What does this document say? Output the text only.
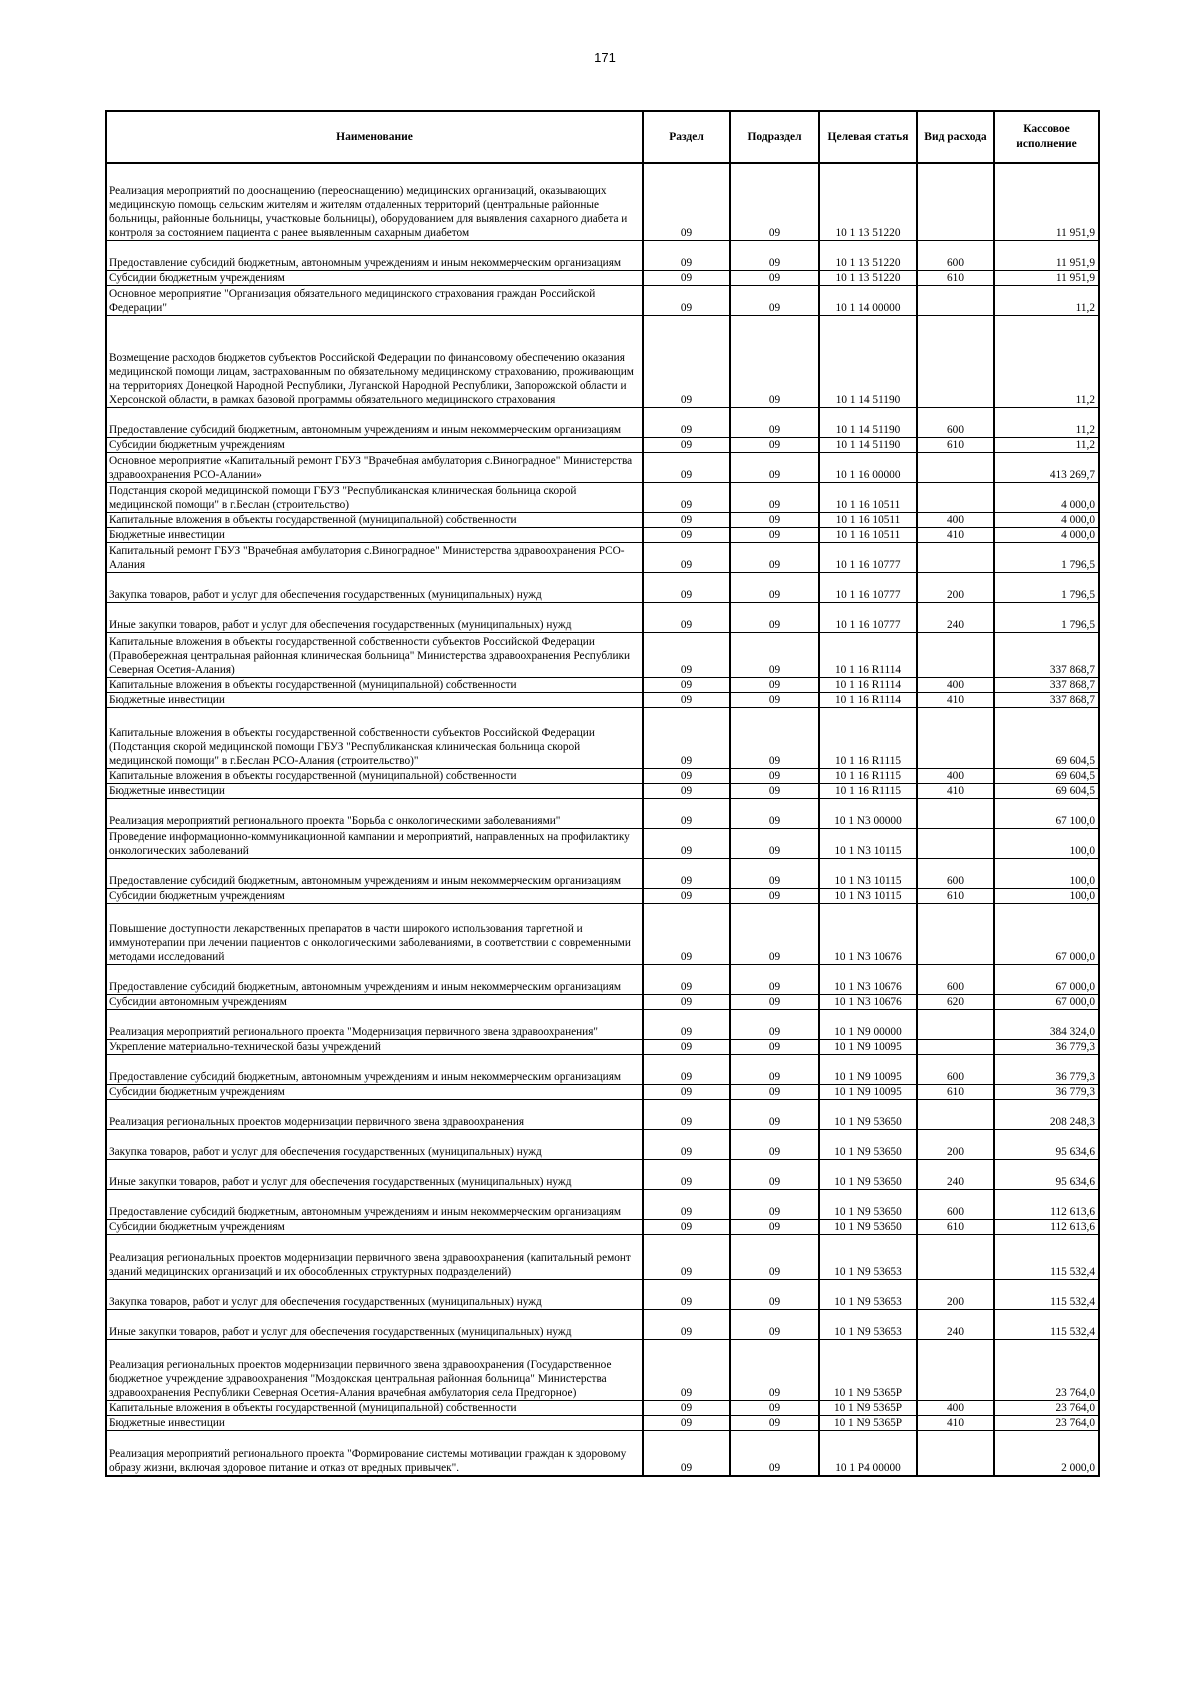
171
Наименование	Раздел	Подраздел	Целевая статья	Вид расхода	Кассовое исполнение
Реализация мероприятий по дооснащению (переоснащению) медицинских организаций, оказывающих медицинскую помощь сельским жителям и жителям отдаленных территорий (центральные районные больницы, районные больницы, участковые больницы), оборудованием для выявления сахарного диабета и контроля за состоянием пациента с ранее выявленным сахарным диабетом	09	09	10 1 13 51220		11 951,9
Предоставление субсидий бюджетным, автономным учреждениям и иным некоммерческим организациям	09	09	10 1 13 51220	600	11 951,9
Субсидии бюджетным учреждениям	09	09	10 1 13 51220	610	11 951,9
Основное мероприятие "Организация обязательного медицинского страхования граждан Российской Федерации"	09	09	10 1 14 00000		11,2
Возмещение расходов бюджетов субъектов Российской Федерации по финансовому обеспечению оказания медицинской помощи лицам, застрахованным по обязательному медицинскому страхованию, проживающим на территориях Донецкой Народной Республики, Луганской Народной Республики, Запорожской области и Херсонской области, в рамках базовой программы обязательного медицинского страхования	09	09	10 1 14 51190		11,2
Предоставление субсидий бюджетным, автономным учреждениям и иным некоммерческим организациям	09	09	10 1 14 51190	600	11,2
Субсидии бюджетным учреждениям	09	09	10 1 14 51190	610	11,2
Основное мероприятие «Капитальный ремонт ГБУЗ "Врачебная амбулатория с.Виноградное" Министерства здравоохранения РСО-Алании»	09	09	10 1 16 00000		413 269,7
Подстанция скорой медицинской помощи ГБУЗ "Республиканская клиническая больница скорой медицинской помощи" в г.Беслан (строительство)	09	09	10 1 16 10511		4 000,0
Капитальные вложения в объекты государственной (муниципальной) собственности	09	09	10 1 16 10511	400	4 000,0
Бюджетные инвестиции	09	09	10 1 16 10511	410	4 000,0
Капитальный ремонт ГБУЗ "Врачебная амбулатория с.Виноградное" Министерства здравоохранения РСО-Алания	09	09	10 1 16 10777		1 796,5
Закупка товаров, работ и услуг для обеспечения государственных (муниципальных) нужд	09	09	10 1 16 10777	200	1 796,5
Иные закупки товаров, работ и услуг для обеспечения государственных (муниципальных) нужд	09	09	10 1 16 10777	240	1 796,5
Капитальные вложения в объекты государственной собственности субъектов Российской Федерации (Правобережная центральная районная клиническая больница" Министерства здравоохранения Республики Северная Осетия-Алания)	09	09	10 1 16 R1114		337 868,7
Капитальные вложения в объекты государственной (муниципальной) собственности	09	09	10 1 16 R1114	400	337 868,7
Бюджетные инвестиции	09	09	10 1 16 R1114	410	337 868,7
Капитальные вложения в объекты государственной собственности субъектов Российской Федерации (Подстанция скорой медицинской помощи ГБУЗ "Республиканская клиническая больница скорой медицинской помощи" в г.Беслан РСО-Алания (строительство)"	09	09	10 1 16 R1115		69 604,5
Капитальные вложения в объекты государственной (муниципальной) собственности	09	09	10 1 16 R1115	400	69 604,5
Бюджетные инвестиции	09	09	10 1 16 R1115	410	69 604,5
Реализация мероприятий регионального проекта "Борьба с онкологическими заболеваниями"	09	09	10 1 N3 00000		67 100,0
Проведение информационно-коммуникационной кампании и мероприятий, направленных на профилактику онкологических заболеваний	09	09	10 1 N3 10115		100,0
Предоставление субсидий бюджетным, автономным учреждениям и иным некоммерческим организациям	09	09	10 1 N3 10115	600	100,0
Субсидии бюджетным учреждениям	09	09	10 1 N3 10115	610	100,0
Повышение доступности лекарственных препаратов в части широкого использования таргетной и иммунотерапии при лечении пациентов с онкологическими заболеваниями, в соответствии с современными методами исследований	09	09	10 1 N3 10676		67 000,0
Предоставление субсидий бюджетным, автономным учреждениям и иным некоммерческим организациям	09	09	10 1 N3 10676	600	67 000,0
Субсидии автономным учреждениям	09	09	10 1 N3 10676	620	67 000,0
Реализация мероприятий регионального проекта "Модернизация первичного звена здравоохранения"	09	09	10 1 N9 00000		384 324,0
Укрепление материально-технической базы учреждений	09	09	10 1 N9 10095		36 779,3
Предоставление субсидий бюджетным, автономным учреждениям и иным некоммерческим организациям	09	09	10 1 N9 10095	600	36 779,3
Субсидии бюджетным учреждениям	09	09	10 1 N9 10095	610	36 779,3
Реализация региональных проектов модернизации первичного звена здравоохранения	09	09	10 1 N9 53650		208 248,3
Закупка товаров, работ и услуг для обеспечения государственных (муниципальных) нужд	09	09	10 1 N9 53650	200	95 634,6
Иные закупки товаров, работ и услуг для обеспечения государственных (муниципальных) нужд	09	09	10 1 N9 53650	240	95 634,6
Предоставление субсидий бюджетным, автономным учреждениям и иным некоммерческим организациям	09	09	10 1 N9 53650	600	112 613,6
Субсидии бюджетным учреждениям	09	09	10 1 N9 53650	610	112 613,6
Реализация региональных проектов модернизации первичного звена здравоохранения (капитальный ремонт зданий медицинских организаций и их обособленных структурных подразделений)	09	09	10 1 N9 53653		115 532,4
Закупка товаров, работ и услуг для обеспечения государственных (муниципальных) нужд	09	09	10 1 N9 53653	200	115 532,4
Иные закупки товаров, работ и услуг для обеспечения государственных (муниципальных) нужд	09	09	10 1 N9 53653	240	115 532,4
Реализация региональных проектов модернизации первичного звена здравоохранения (Государственное бюджетное учреждение здравоохранения "Моздокская центральная районная больница" Министерства здравоохранения Республики Северная Осетия-Алания врачебная амбулатория села Предгорное)	09	09	10 1 N9 5365P		23 764,0
Капитальные вложения в объекты государственной (муниципальной) собственности	09	09	10 1 N9 5365P	400	23 764,0
Бюджетные инвестиции	09	09	10 1 N9 5365P	410	23 764,0
Реализация мероприятий регионального проекта "Формирование системы мотивации граждан к здоровому образу жизни, включая здоровое питание и отказ от вредных привычек".	09	09	10 1 P4 00000		2 000,0
